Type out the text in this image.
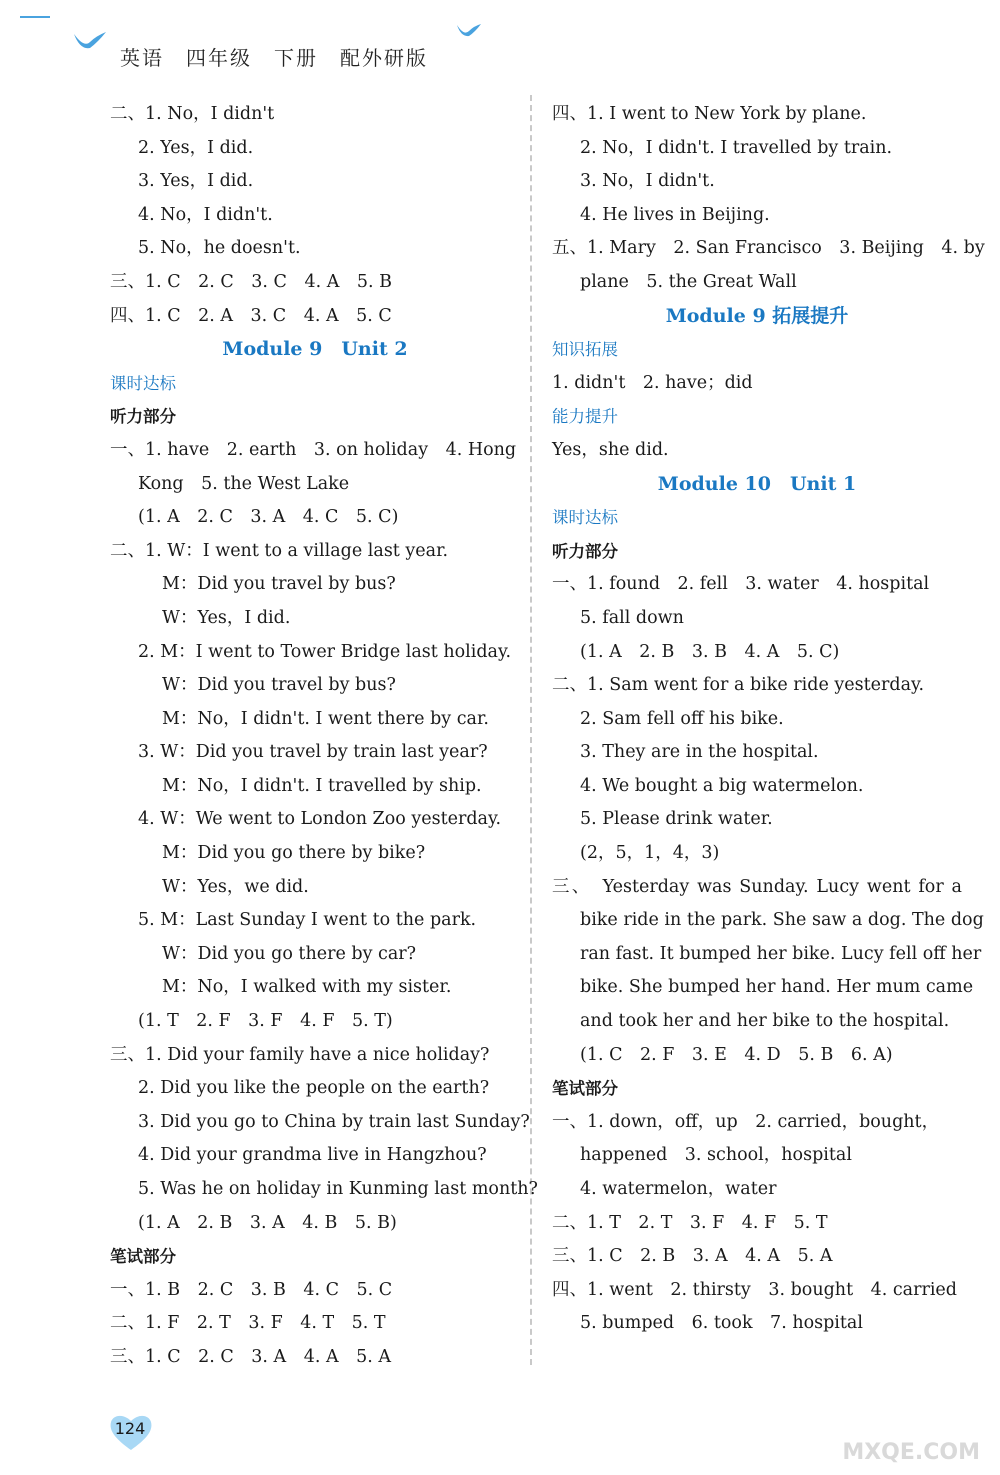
英语　四年级　下册　配外研版
二、1. No，I didn't
2. Yes，I did.
3. Yes，I did.
4. No，I didn't.
5. No，he doesn't.
三、1. C　2. C　3. C　4. A　5. B
四、1. C　2. A　3. C　4. A　5. C
Module 9　Unit 2
课时达标
听力部分
一、1. have　2. earth　3. on holiday　4. Hong
Kong　5. the West Lake
(1. A　2. C　3. A　4. C　5. C)
二、1. W：I went to a village last year.
M：Did you travel by bus?
W：Yes，I did.
2. M：I went to Tower Bridge last holiday.
W：Did you travel by bus?
M：No，I didn't. I went there by car.
3. W：Did you travel by train last year?
M：No，I didn't. I travelled by ship.
4. W：We went to London Zoo yesterday.
M：Did you go there by bike?
W：Yes，we did.
5. M：Last Sunday I went to the park.
W：Did you go there by car?
M：No，I walked with my sister.
(1. T　2. F　3. F　4. F　5. T)
三、1. Did your family have a nice holiday?
2. Did you like the people on the earth?
3. Did you go to China by train last Sunday?
4. Did your grandma live in Hangzhou?
5. Was he on holiday in Kunming last month?
(1. A　2. B　3. A　4. B　5. B)
笔试部分
一、1. B　2. C　3. B　4. C　5. C
二、1. F　2. T　3. F　4. T　5. T
三、1. C　2. C　3. A　4. A　5. A
四、1. I went to New York by plane.
2. No，I didn't. I travelled by train.
3. No，I didn't.
4. He lives in Beijing.
五、1. Mary　2. San Francisco　3. Beijing　4. by
plane　5. the Great Wall
Module 9 拓展提升
知识拓展
1. didn't　2. have；did
能力提升
Yes，she did.
Module 10　Unit 1
课时达标
听力部分
一、1. found　2. fell　3. water　4. hospital
5. fall down
(1. A　2. B　3. B　4. A　5. C)
二、1. Sam went for a bike ride yesterday.
2. Sam fell off his bike.
3. They are in the hospital.
4. We bought a big watermelon.
5. Please drink water.
(2，5，1，4，3)
三、　Yesterday was Sunday. Lucy went for a
bike ride in the park. She saw a dog. The dog
ran fast. It bumped her bike. Lucy fell off her
bike. She bumped her hand. Her mum came
and took her and her bike to the hospital.
(1. C　2. F　3. E　4. D　5. B　6. A)
笔试部分
一、1. down，off，up　2. carried，bought，
happened　3. school，hospital
4. watermelon，water
二、1. T　2. T　3. F　4. F　5. T
三、1. C　2. B　3. A　4. A　5. A
四、1. went　2. thirsty　3. bought　4. carried
5. bumped　6. took　7. hospital
124
MXQE.COM
